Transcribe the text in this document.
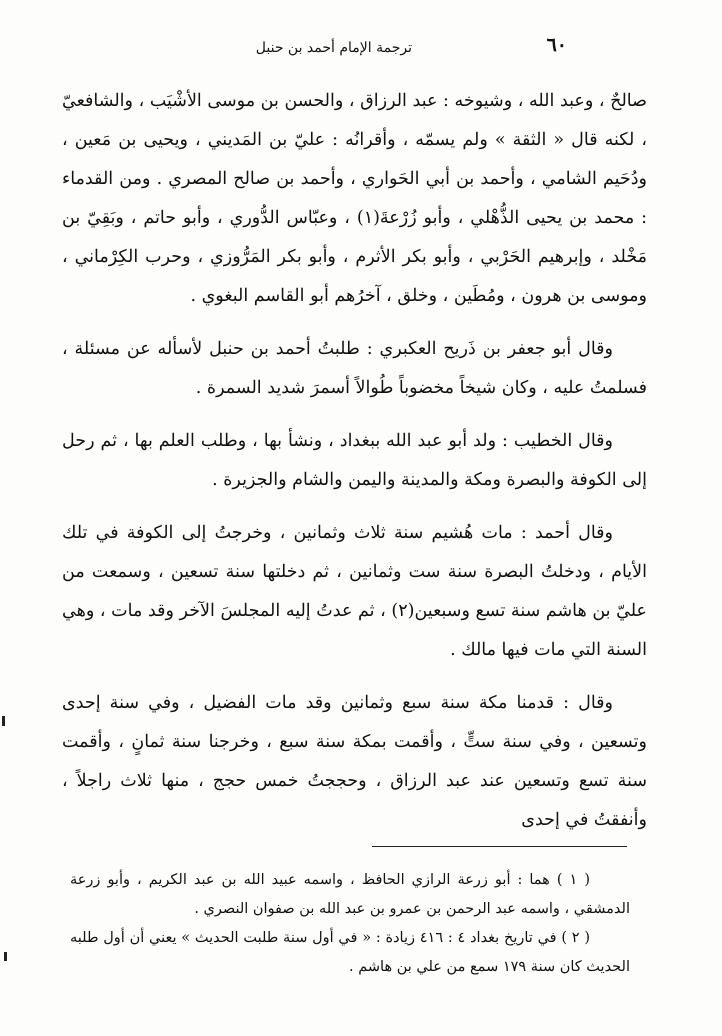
٦٠
ترجمة الإمام أحمد بن حنبل

صالحٌ ، وعبد الله ، وشيوخه : عبد الرزاق ، والحسن بن موسى الأشْيَب ، والشافعيّ ، لكنه قال « الثقة » ولم يسمّه ، وأقرانُه : عليّ بن المَديني ، ويحيى بن مَعين ، ودُحَيم الشامي ، وأحمد بن أبي الحَواري ، وأحمد بن صالح المصري . ومن القدماء : محمد بن يحيى الذُّهْلي ، وأبو زُرْعةَ(١) ، وعبّاس الدُّوري ، وأبو حاتم ، وبَقِيّ بن مَخْلد ، وإبرهيم الحَرْبي ، وأبو بكر الأثرم ، وأبو بكر المَرُّوزي ، وحرب الكِرْماني ، وموسى بن هرون ، ومُطَين ، وخلق ، آخرُهم أبو القاسم البغوي .

وقال أبو جعفر بن ذَريح العكبري : طلبتُ أحمد بن حنبل لأسأله عن مسئلة ، فسلمتُ عليه ، وكان شيخاً مخضوباً طُوالاً أسمرَ شديد السمرة .

وقال الخطيب : ولد أبو عبد الله ببغداد ، ونشأ بها ، وطلب العلم بها ، ثم رحل إلى الكوفة والبصرة ومكة والمدينة واليمن والشام والجزيرة .

وقال أحمد : مات هُشيم سنة ثلاث وثمانين ، وخرجتُ إلى الكوفة في تلك الأيام ، ودخلتُ البصرة سنة ست وثمانين ، ثم دخلتها سنة تسعين ، وسمعت من عليّ بن هاشم سنة تسع وسبعين(٢) ، ثم عدتُ إليه المجلسَ الآخر وقد مات ، وهي السنة التي مات فيها مالك .

وقال : قدمنا مكة سنة سبع وثمانين وقد مات الفضيل ، وفي سنة إحدى وتسعين ، وفي سنة ستٍّ ، وأقمت بمكة سنة سبع ، وخرجنا سنة ثمانٍ ، وأقمت سنة تسع وتسعين عند عبد الرزاق ، وحججتُ خمس حجج ، منها ثلاث راجلاً ، وأنفقتُ في إحدى

( ١ ) هما : أبو زرعة الرازي الحافظ ، واسمه عبيد الله بن عبد الكريم ، وأبو زرعة الدمشقي ، واسمه عبد الرحمن بن عمرو بن عبد الله بن صفوان النصري .

( ٢ ) في تاريخ بغداد ٤ : ٤١٦ زيادة : « في أول سنة طلبت الحديث » يعني أن أول طلبه الحديث كان سنة ١٧٩ سمع من علي بن هاشم .
